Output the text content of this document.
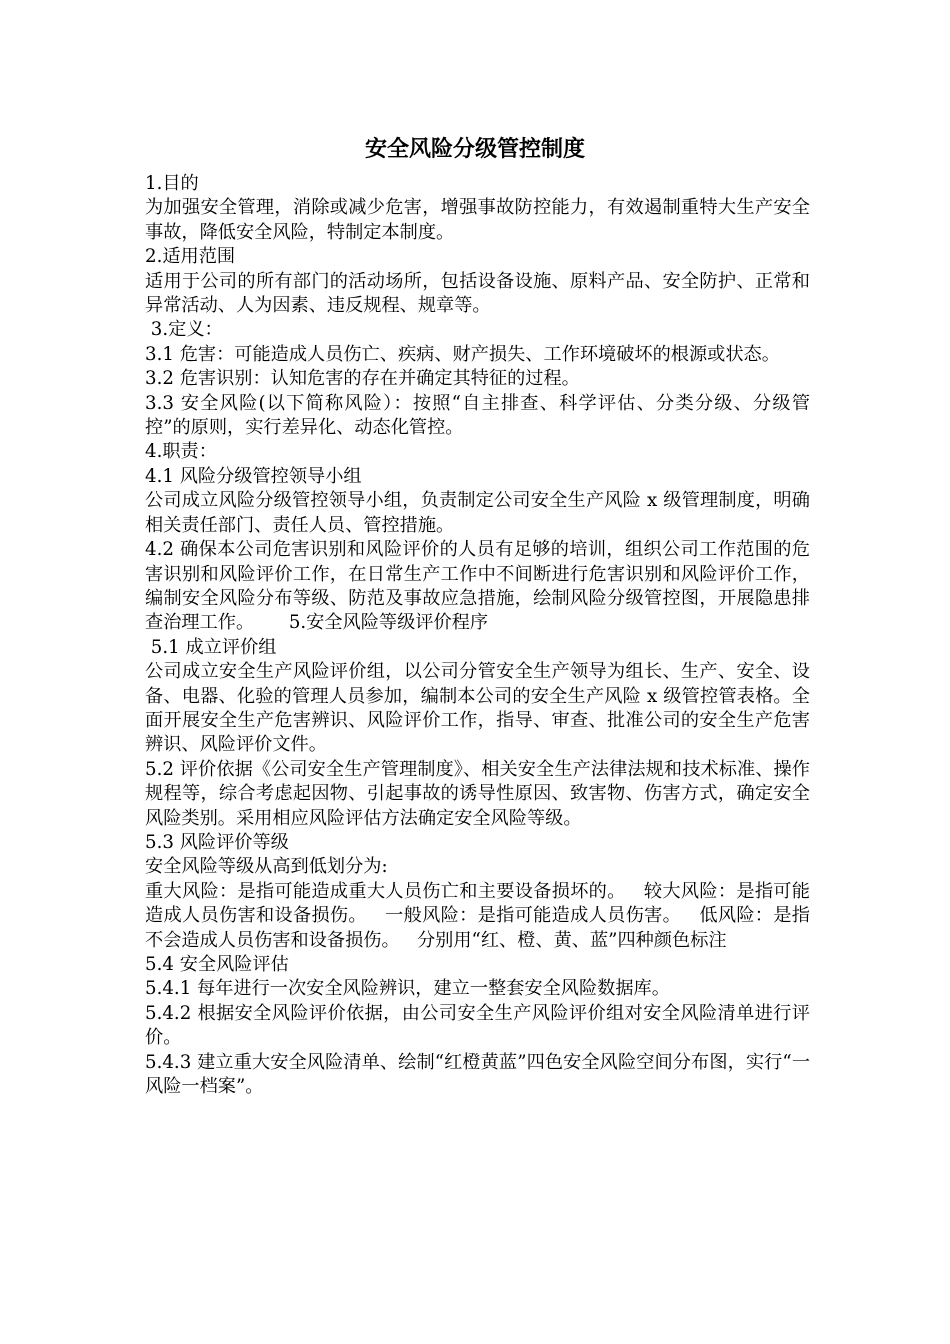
安全风险分级管控制度

1.目的

为加强安全管理，消除或减少危害，增强事故防控能力，有效遏制重特大生产安全事故，降低安全风险，特制定本制度。

2.适用范围

适用于公司的所有部门的活动场所，包括设备设施、原料产品、安全防护、正常和异常活动、人为因素、违反规程、规章等。

3.定义：

3.1 危害：可能造成人员伤亡、疾病、财产损失、工作环境破坏的根源或状态。

3.2 危害识别：认知危害的存在并确定其特征的过程。

3.3 安全风险(以下简称风险）：按照“自主排查、科学评估、分类分级、分级管控”的原则，实行差异化、动态化管控。

4.职责：

4.1 风险分级管控领导小组

公司成立风险分级管控领导小组，负责制定公司安全生产风险 x 级管理制度，明确相关责任部门、责任人员、管控措施。

4.2 确保本公司危害识别和风险评价的人员有足够的培训，组织公司工作范围的危害识别和风险评价工作，在日常生产工作中不间断进行危害识别和风险评价工作，编制安全风险分布等级、防范及事故应急措施，绘制风险分级管控图，开展隐患排查治理工作。      5.安全风险等级评价程序

5.1 成立评价组

公司成立安全生产风险评价组，以公司分管安全生产领导为组长、生产、安全、设备、电器、化验的管理人员参加，编制本公司的安全生产风险 x 级管控管表格。全面开展安全生产危害辨识、风险评价工作，指导、审查、批准公司的安全生产危害辨识、风险评价文件。

5.2 评价依据《公司安全生产管理制度》、相关安全生产法律法规和技术标准、操作规程等，综合考虑起因物、引起事故的诱导性原因、致害物、伤害方式，确定安全风险类别。采用相应风险评估方法确定安全风险等级。

5.3 风险评价等级

安全风险等级从高到低划分为:

重大风险：是指可能造成重大人员伤亡和主要设备损坏的。   较大风险：是指可能造成人员伤害和设备损伤。   一般风险：是指可能造成人员伤害。   低风险：是指不会造成人员伤害和设备损伤。   分别用“红、橙、黄、蓝”四种颜色标注

5.4 安全风险评估

5.4.1 每年进行一次安全风险辨识，建立一整套安全风险数据库。

5.4.2 根据安全风险评价依据，由公司安全生产风险评价组对安全风险清单进行评价。

5.4.3 建立重大安全风险清单、绘制“红橙黄蓝”四色安全风险空间分布图，实行“一风险一档案”。
